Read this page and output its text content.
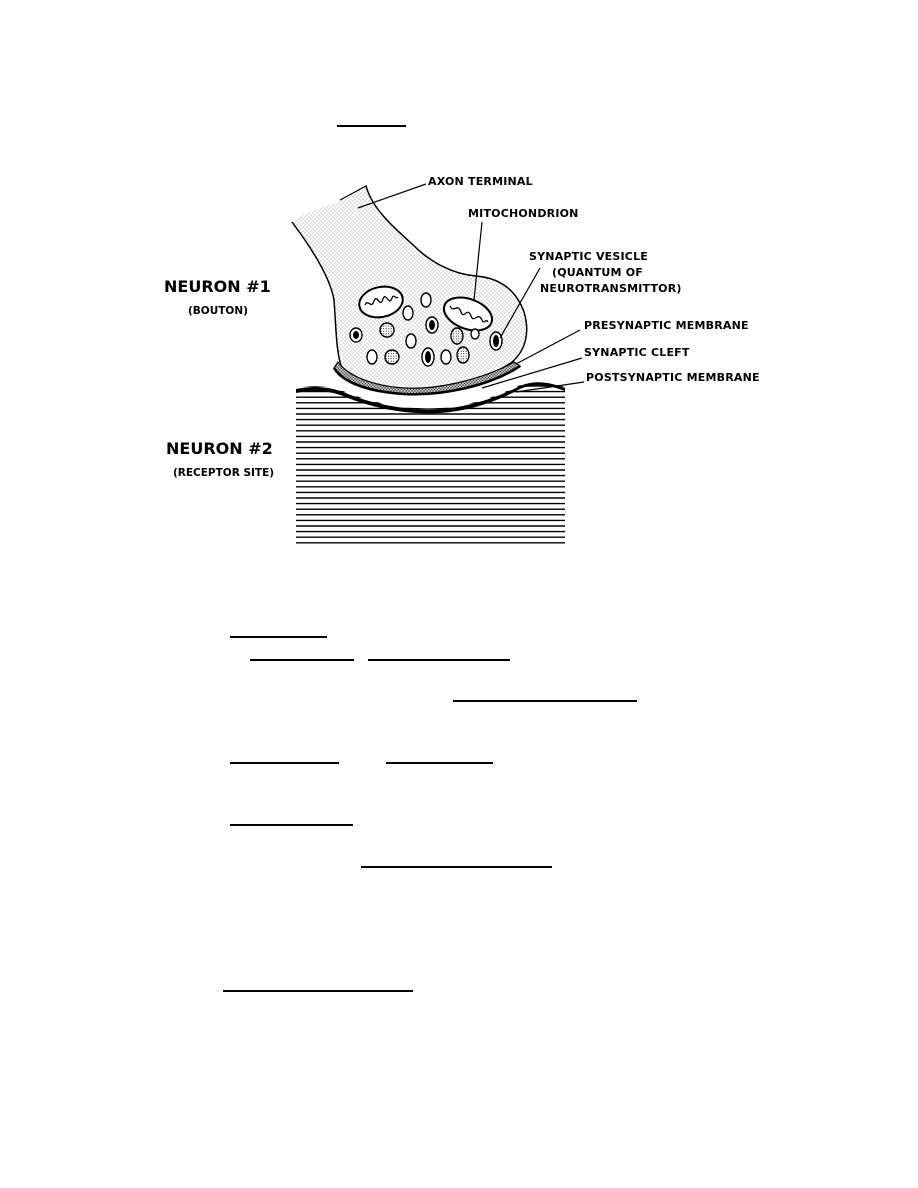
AXON TERMINAL
MITOCHONDRION
SYNAPTIC VESICLE
(QUANTUM OF
NEUROTRANSMITTOR)
PRESYNAPTIC MEMBRANE
SYNAPTIC CLEFT
POSTSYNAPTIC MEMBRANE
NEURON #1
(BOUTON)
NEURON #2
(RECEPTOR SITE)
